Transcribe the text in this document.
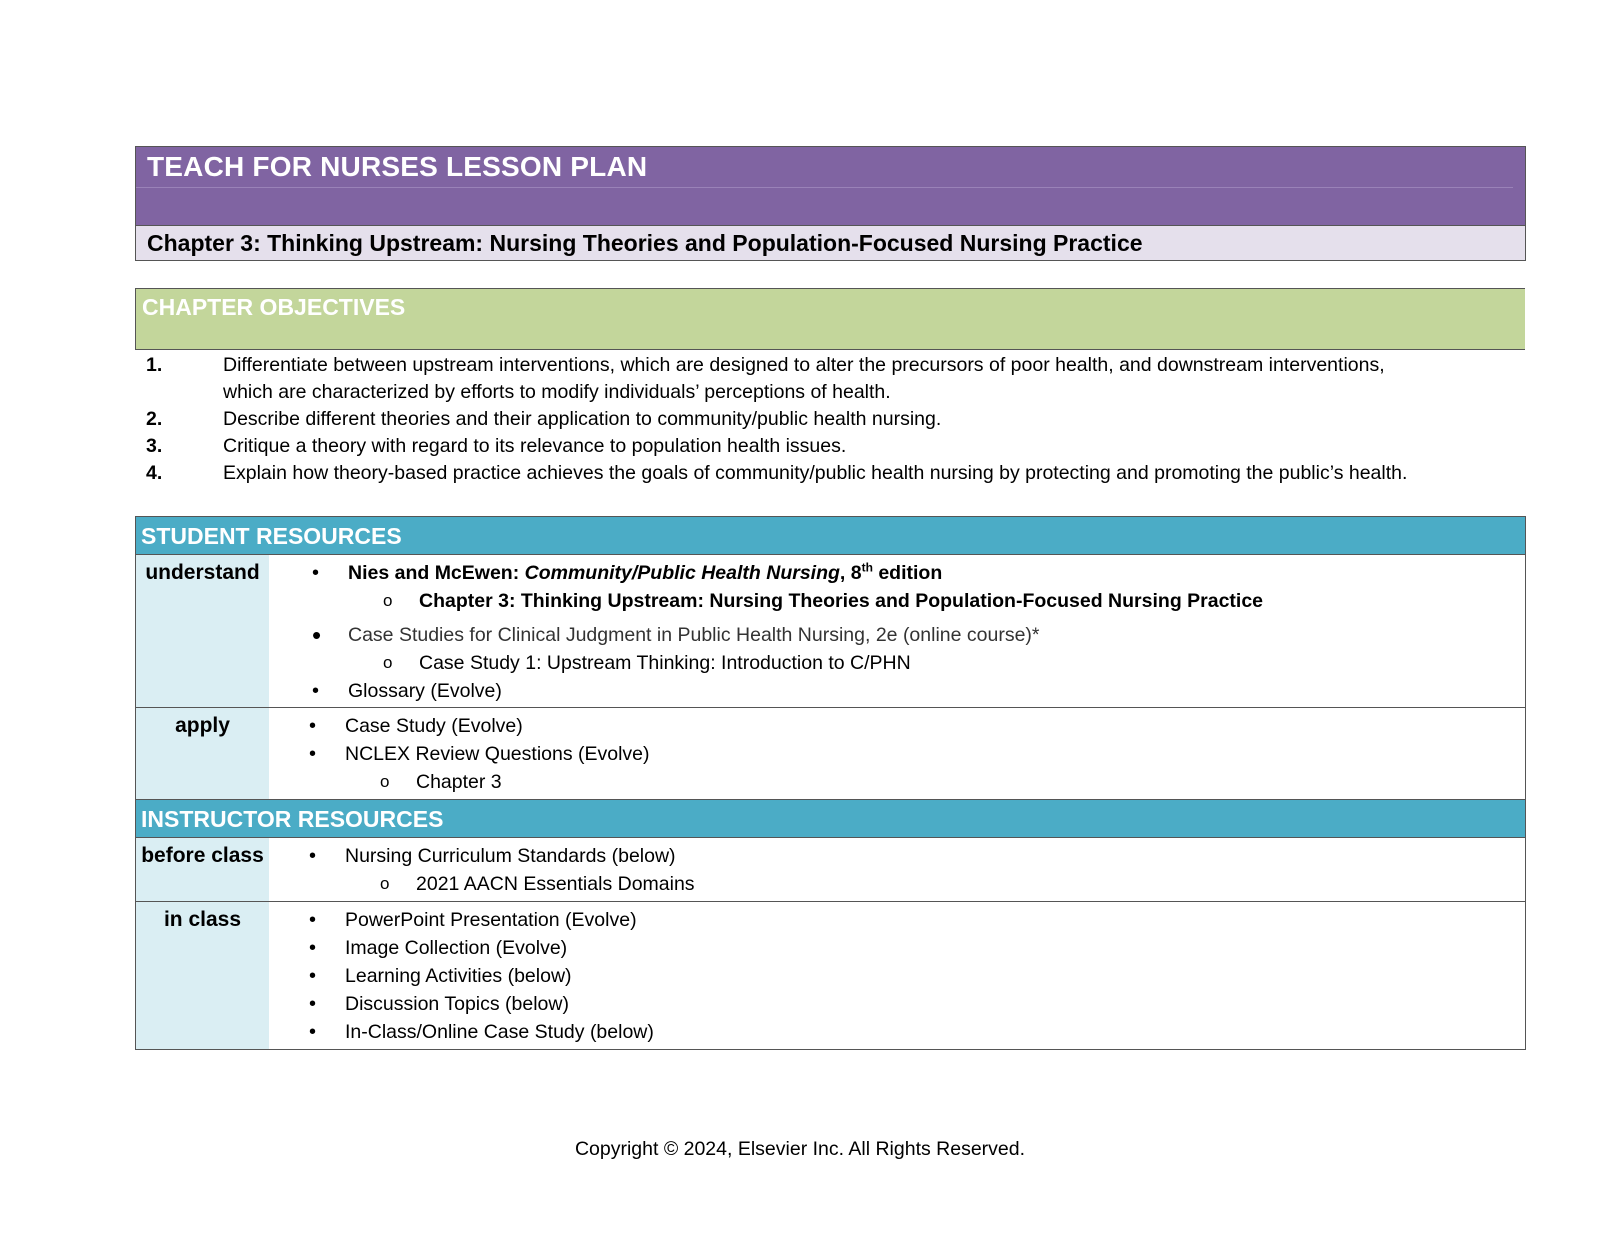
TEACH FOR NURSES LESSON PLAN
Chapter 3: Thinking Upstream: Nursing Theories and Population-Focused Nursing Practice
CHAPTER OBJECTIVES
1.	Differentiate between upstream interventions, which are designed to alter the precursors of poor health, and downstream interventions, which are characterized by efforts to modify individuals’ perceptions of health.
2.	Describe different theories and their application to community/public health nursing.
3.	Critique a theory with regard to its relevance to population health issues.
4.	Explain how theory-based practice achieves the goals of community/public health nursing by protecting and promoting the public’s health.
STUDENT RESOURCES
understand	• Nies and McEwen: Community/Public Health Nursing, 8th edition
o Chapter 3: Thinking Upstream: Nursing Theories and Population-Focused Nursing Practice
• Case Studies for Clinical Judgment in Public Health Nursing, 2e (online course)*
o Case Study 1: Upstream Thinking: Introduction to C/PHN
• Glossary (Evolve)
apply	• Case Study (Evolve)
• NCLEX Review Questions (Evolve)
o Chapter 3
INSTRUCTOR RESOURCES
before class • Nursing Curriculum Standards (below)
o 2021 AACN Essentials Domains
in class	• PowerPoint Presentation (Evolve)
• Image Collection (Evolve)
• Learning Activities (below)
• Discussion Topics (below)
• In-Class/Online Case Study (below)
Copyright © 2024, Elsevier Inc. All Rights Reserved.
